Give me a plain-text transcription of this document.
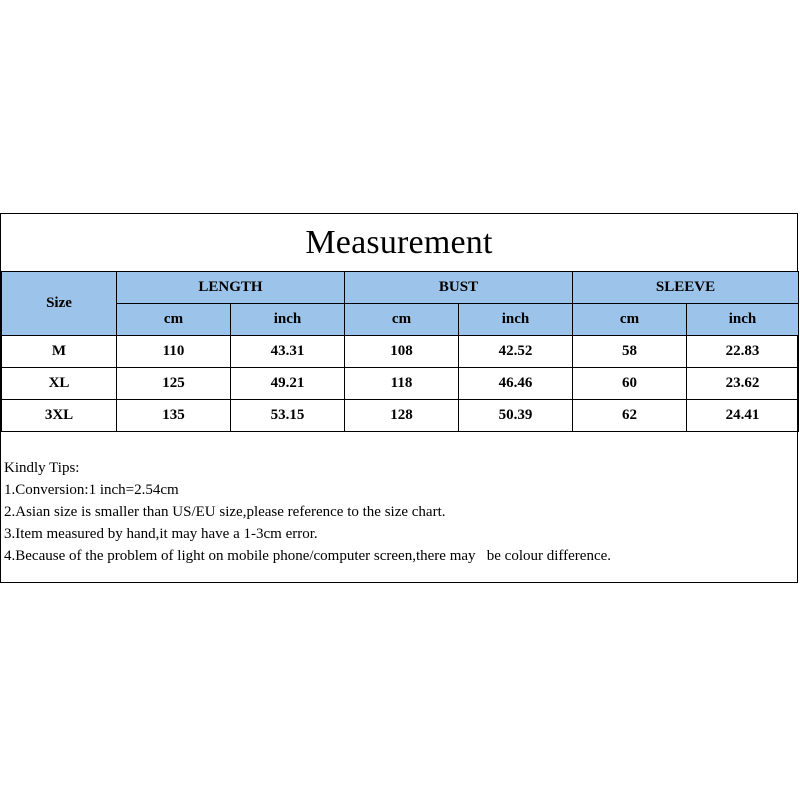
Measurement
Size	LENGTH		BUST		SLEEVE	
	cm	inch	cm	inch	cm	inch
M	110	43.31	108	42.52	58	22.83
XL	125	49.21	118	46.46	60	23.62
3XL	135	53.15	128	50.39	62	24.41
Kindly Tips:
1.Conversion:1 inch=2.54cm
2.Asian size is smaller than US/EU size,please reference to the size chart.
3.Item measured by hand,it may have a 1-3cm error.
4.Because of the problem of light on mobile phone/computer screen,there may   be colour difference.
